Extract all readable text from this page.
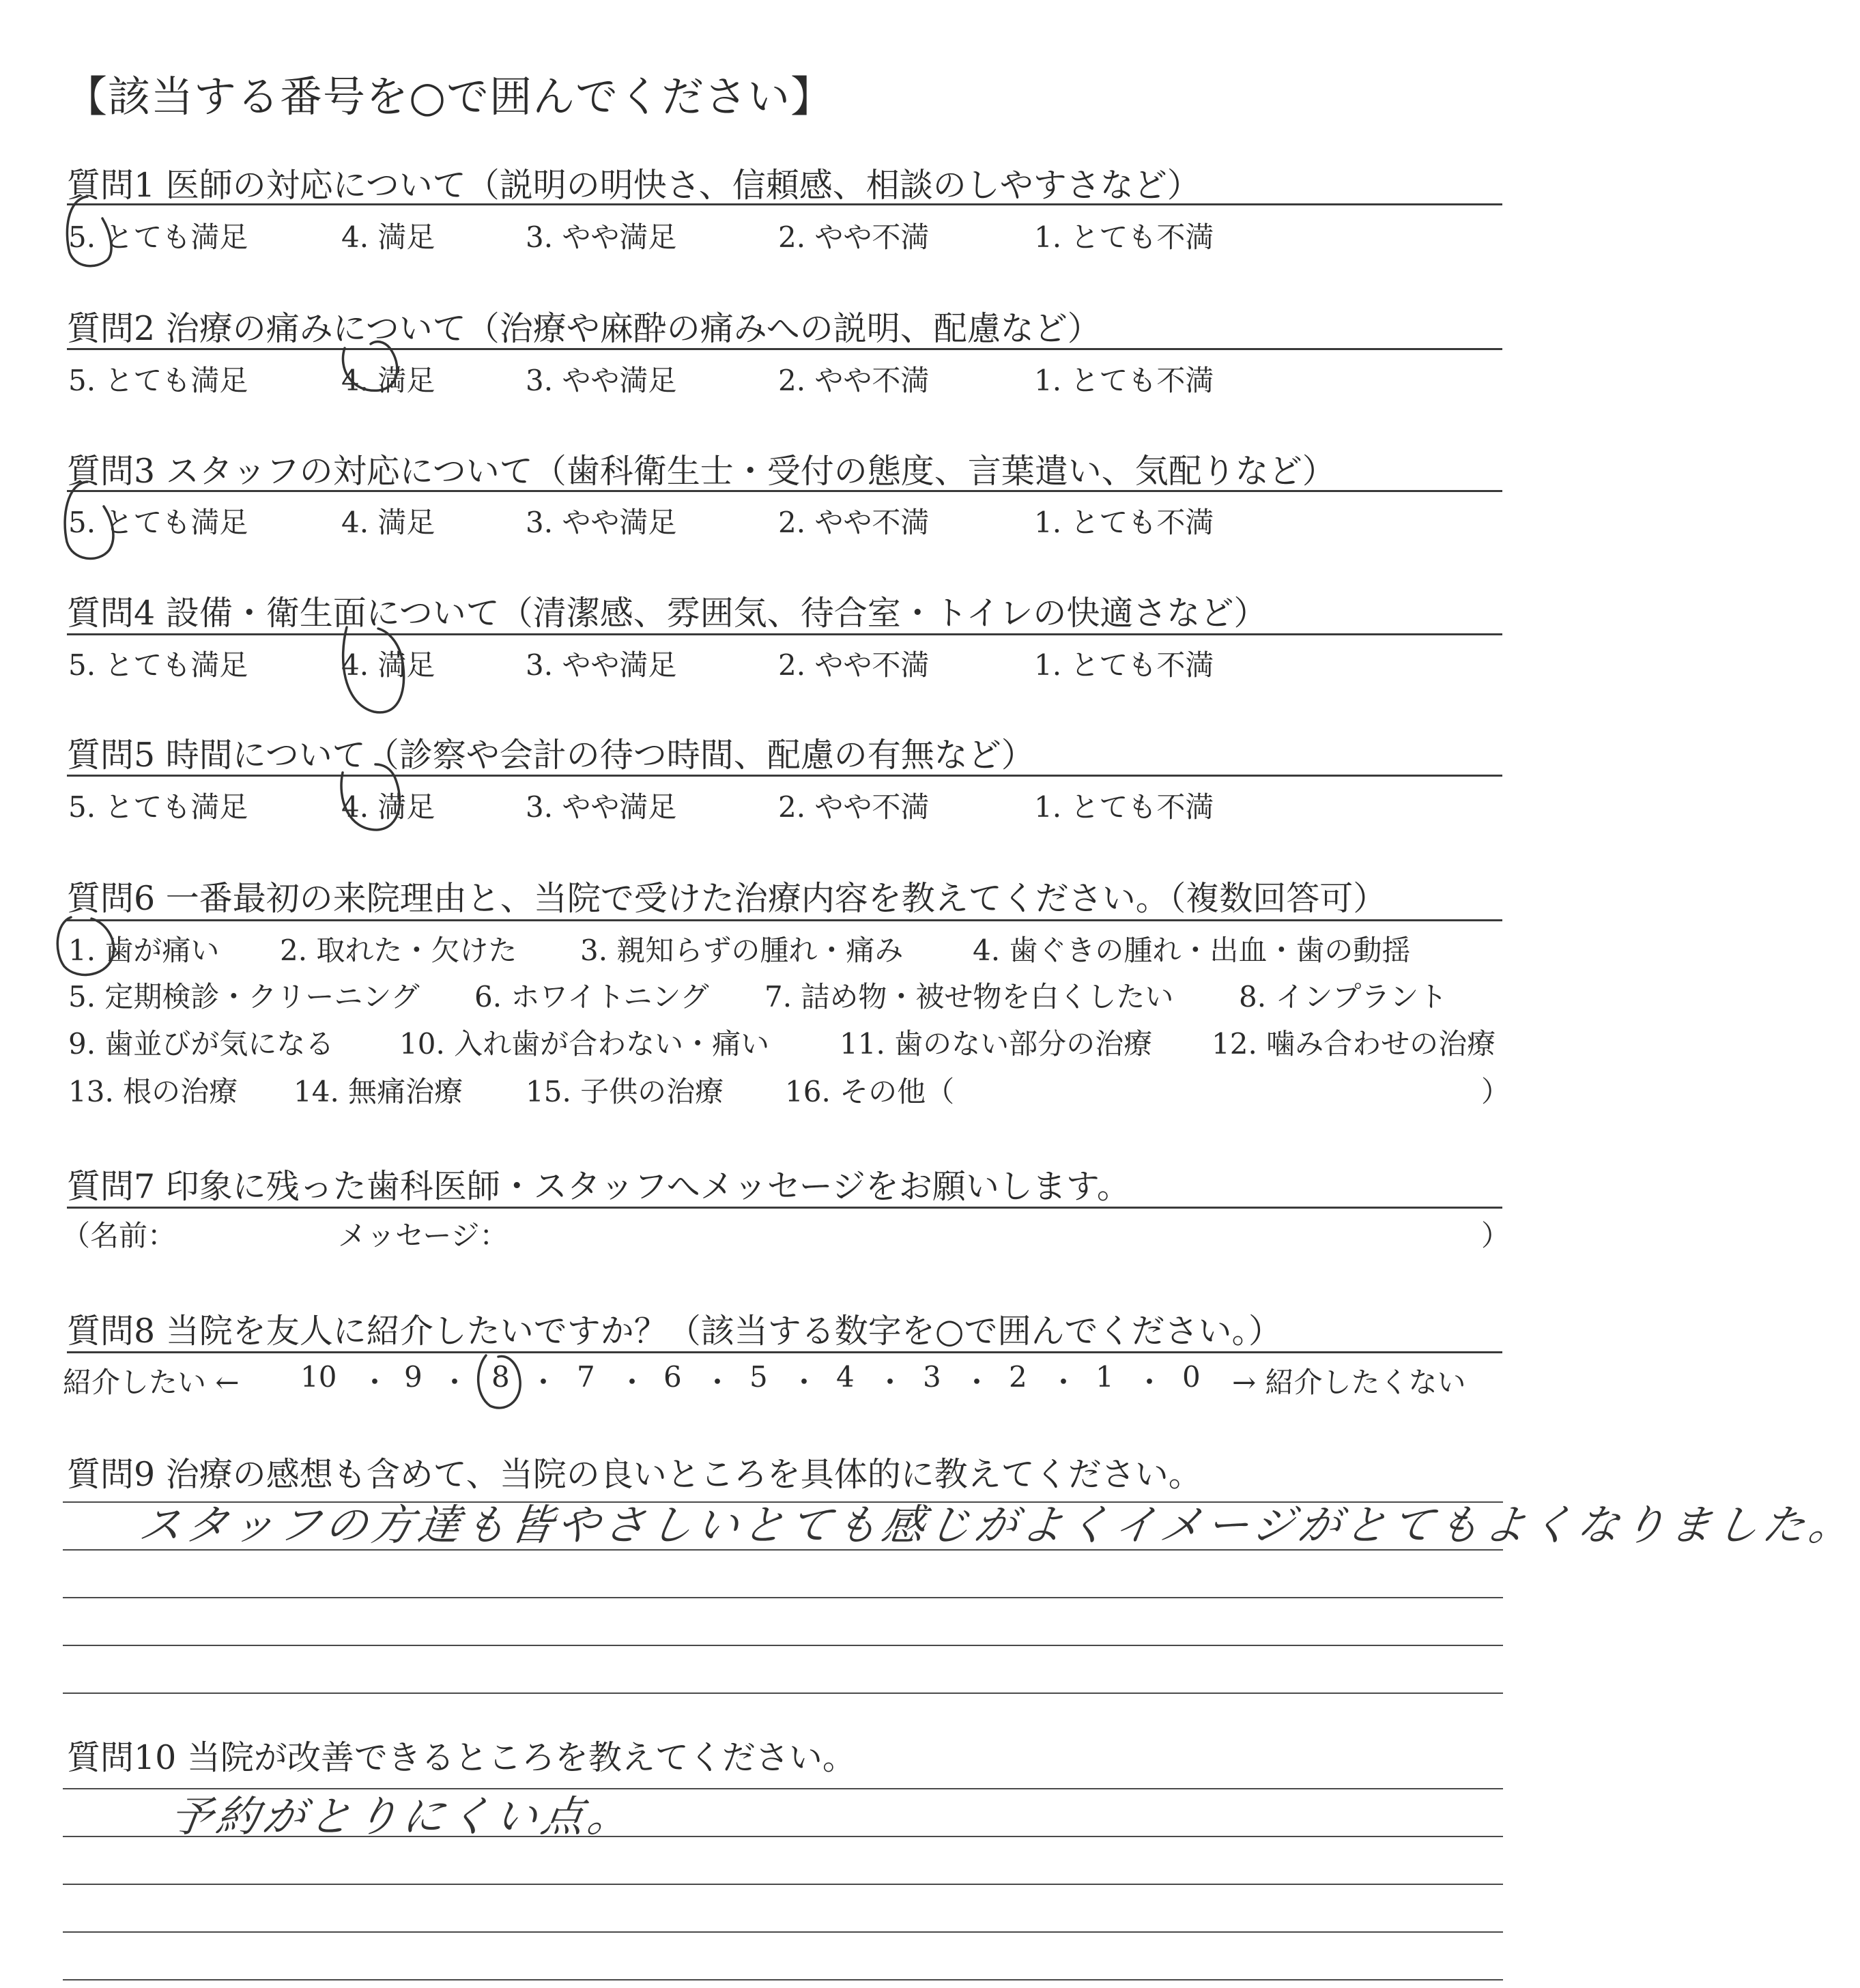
【該当する番号を○で囲んでください】
質問1 医師の対応について（説明の明快さ、信頼感、相談のしやすさなど）
5. とても満足	4. 満足	3. やや満足	2. やや不満	1. とても不満
質問2 治療の痛みについて（治療や麻酔の痛みへの説明、配慮など）
5. とても満足	4. 満足	3. やや満足	2. やや不満	1. とても不満
質問3 スタッフの対応について（歯科衛生士・受付の態度、言葉遣い、気配りなど）
5. とても満足	4. 満足	3. やや満足	2. やや不満	1. とても不満
質問4 設備・衛生面について（清潔感、雰囲気、待合室・トイレの快適さなど）
5. とても満足	4. 満足	3. やや満足	2. やや不満	1. とても不満
質問5 時間について（診察や会計の待つ時間、配慮の有無など）
5. とても満足	4. 満足	3. やや満足	2. やや不満	1. とても不満
質問6 一番最初の来院理由と、当院で受けた治療内容を教えてください。（複数回答可）
1. 歯が痛い 2. 取れた・欠けた 3. 親知らずの腫れ・痛み 4. 歯ぐきの腫れ・出血・歯の動揺
5. 定期検診・クリーニング 6. ホワイトニング 7. 詰め物・被せ物を白くしたい 8. インプラント
9. 歯並びが気になる 10. 入れ歯が合わない・痛い 11. 歯のない部分の治療 12. 噛み合わせの治療
13. 根の治療 14. 無痛治療 15. 子供の治療 16. その他（	）
質問7 印象に残った歯科医師・スタッフへメッセージをお願いします。
（名前：	メッセージ：	）
質問8 当院を友人に紹介したいですか？（該当する数字を○で囲んでください。）
紹介したい ← 10 ・ 9 ・ 8 ・ 7 ・ 6 ・ 5 ・ 4 ・ 3 ・ 2 ・ 1 ・ 0 → 紹介したくない
質問9 治療の感想も含めて、当院の良いところを具体的に教えてください。
スタッフの方達も皆やさしいとても感じがよくイメージがとてもよくなりました。
質問10 当院が改善できるところを教えてください。
予約がとりにくい点。
